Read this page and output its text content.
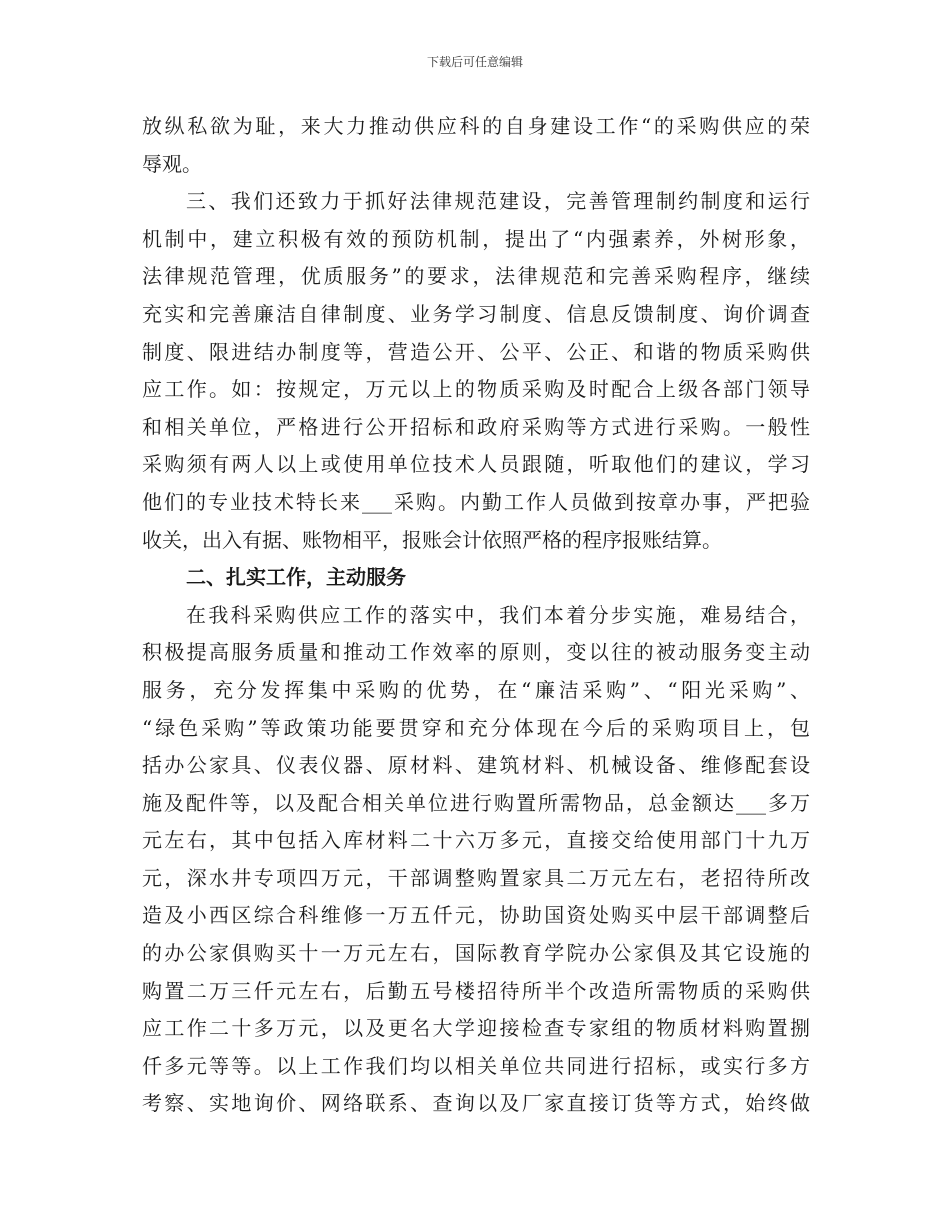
下载后可任意编辑
放纵私欲为耻，来大力推动供应科的自身建设工作“的采购供应的荣
辱观。
三、我们还致力于抓好法律规范建设，完善管理制约制度和运行
机制中，建立积极有效的预防机制，提出了“内强素养，外树形象，
法律规范管理，优质服务”的要求，法律规范和完善采购程序，继续
充实和完善廉洁自律制度、业务学习制度、信息反馈制度、询价调查
制度、限进结办制度等，营造公开、公平、公正、和谐的物质采购供
应工作。如：按规定，万元以上的物质采购及时配合上级各部门领导
和相关单位，严格进行公开招标和政府采购等方式进行采购。一般性
采购须有两人以上或使用单位技术人员跟随，听取他们的建议，学习
他们的专业技术特长来___采购。内勤工作人员做到按章办事，严把验
收关，出入有据、账物相平，报账会计依照严格的程序报账结算。
二、扎实工作，主动服务
在我科采购供应工作的落实中，我们本着分步实施，难易结合，
积极提高服务质量和推动工作效率的原则，变以往的被动服务变主动
服务，充分发挥集中采购的优势，在“廉洁采购”、“阳光采购”、
“绿色采购”等政策功能要贯穿和充分体现在今后的采购项目上，包
括办公家具、仪表仪器、原材料、建筑材料、机械设备、维修配套设
施及配件等，以及配合相关单位进行购置所需物品，总金额达___多万
元左右，其中包括入库材料二十六万多元，直接交给使用部门十九万
元，深水井专项四万元，干部调整购置家具二万元左右，老招待所改
造及小西区综合科维修一万五仟元，协助国资处购买中层干部调整后
的办公家俱购买十一万元左右，国际教育学院办公家俱及其它设施的
购置二万三仟元左右，后勤五号楼招待所半个改造所需物质的采购供
应工作二十多万元，以及更名大学迎接检查专家组的物质材料购置捌
仟多元等等。以上工作我们均以相关单位共同进行招标，或实行多方
考察、实地询价、网络联系、查询以及厂家直接订货等方式，始终做
